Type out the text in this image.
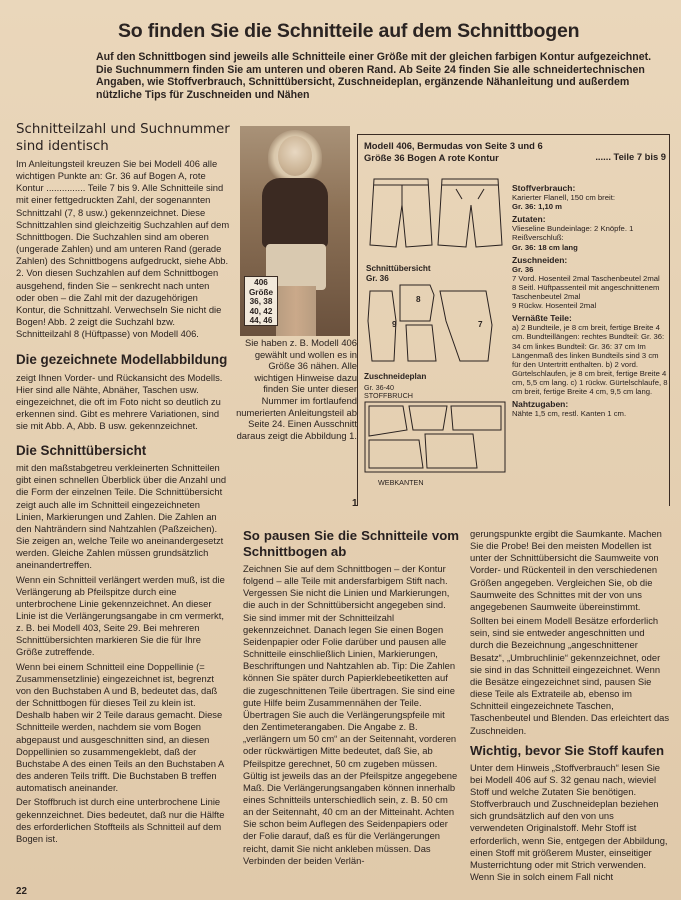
So finden Sie die Schnitteile auf dem Schnittbogen
Auf den Schnittbogen sind jeweils alle Schnitteile einer Größe mit der gleichen farbigen Kontur aufgezeichnet. Die Suchnummern finden Sie am unteren und oberen Rand. Ab Seite 24 finden Sie alle schneidertechnischen Angaben, wie Stoffverbrauch, Schnittübersicht, Zuschneideplan, ergänzende Nähanleitung und außerdem nützliche Tips für Zuschneiden und Nähen
Schnitteilzahl und Suchnummer sind identisch

Im Anleitungsteil kreuzen Sie bei Modell 406 alle wichtigen Punkte an: Gr. 36 auf Bogen A, rote Kontur ............... Teile 7 bis 9. Alle Schnitteile sind mit einer fettgedruckten Zahl, der sogenannten Schnittzahl (7, 8 usw.) gekennzeichnet. Diese Schnittzahlen sind gleichzeitig Suchzahlen auf dem Schnittbogen. Die Suchzahlen sind am oberen (ungerade Zahlen) und am unteren Rand (gerade Zahlen) des Schnittbogens aufgedruckt, siehe Abb. 2. Von diesen Suchzahlen auf dem Schnittbogen ausgehend, finden Sie – senkrecht nach unten oder oben – die Zahl mit der dazugehörigen Kontur, die Schnittzahl. Verwechseln Sie nicht die Bogen! Abb. 2 zeigt die Suchzahl bzw. Schnitteilzahl 8 (Hüftpasse) von Modell 406.

Die gezeichnete Modellabbildung

zeigt Ihnen Vorder- und Rückansicht des Modells. Hier sind alle Nähte, Abnäher, Taschen usw. eingezeichnet, die oft im Foto nicht so deutlich zu erkennen sind. Gibt es mehrere Variationen, sind sie mit Abb. A, Abb. B usw. gekennzeichnet.

Die Schnittübersicht

mit den maßstabgetreu verkleinerten Schnitteilen gibt einen schnellen Überblick über die Anzahl und die Form der einzelnen Teile. Die Schnittübersicht zeigt auch alle im Schnitteil eingezeichneten Linien, Markierungen und Zahlen. Die Zahlen an den Nahträndern sind Nahtzahlen (Paßzeichen). Sie zeigen an, welche Teile wo aneinandergesetzt werden. Gleiche Zahlen müssen grundsätzlich aneinandertreffen.

Wenn ein Schnitteil verlängert werden muß, ist die Verlängerung ab Pfeilspitze durch eine unterbrochene Linie gekennzeichnet. An dieser Linie ist die Verlängerungsangabe in cm vermerkt, z. B. bei Modell 403, Seite 29. Bei mehreren Schnittübersichten markieren Sie die für Ihre Größe zutreffende.

Wenn bei einem Schnitteil eine Doppellinie (= Zusammensetzlinie) eingezeichnet ist, begrenzt von den Buchstaben A und B, bedeutet das, daß der Schnittbogen für dieses Teil zu klein ist. Deshalb haben wir 2 Teile daraus gemacht. Diese Schnitteile werden, nachdem sie vom Bogen abgepaust und ausgeschnitten sind, an diesen Doppellinien so zusammengeklebt, daß der Buchstabe A des einen Teils an den Buchstaben A des anderen Teils trifft. Die Buchstaben B treffen automatisch aneinander.

Der Stoffbruch ist durch eine unterbrochene Linie gekennzeichnet. Dies bedeutet, daß nur die Hälfte des erforderlichen Stoffteils als Schnitteil auf dem Bogen ist.

406 Größe 36, 38 40, 42 44, 46
Sie haben z. B. Modell 406 gewählt und wollen es in Größe 36 nähen. Alle wichtigen Hinweise dazu finden Sie unter dieser Nummer im fortlaufend numerierten Anleitungsteil ab Seite 24. Einen Ausschnitt daraus zeigt die Abbildung 1.
1
Modell 406, Bermudas von Seite 3 und 6
Größe 36 Bogen A rote Kontur	...... Teile 7 bis 9
Schnittübersicht
Gr. 36
9
8
7
Zuschneideplan
Gr. 36-40
STOFFBRUCH
WEBKANTEN
Stoffverbrauch:
Karierter Flanell, 150 cm breit:
Gr. 36: 1,10 m
Zutaten:
Vlieseline Bundeinlage: 2 Knöpfe. 1 Reißverschluß:
Gr. 36: 18 cm lang
Zuschneiden:
Gr. 36
7 Vord. Hosenteil 2mal Taschenbeutel 2mal
8 Seitl. Hüftpassenteil mit angeschnittenem Taschenbeutel 2mal
9 Rückw. Hosenteil 2mal
Vernäßte Teile:
a) 2 Bundteile, je 8 cm breit, fertige Breite 4 cm. Bundteillängen: rechtes Bundteil: Gr. 36: 34 cm linkes Bundteil: Gr. 36: 37 cm Im Längenmaß des linken Bundteils sind 3 cm für den Untertritt enthalten. b) 2 vord. Gürtelschlaufen, je 8 cm breit, fertige Breite 4 cm, 5,5 cm lang. c) 1 rückw. Gürtelschlaufe, 8 cm breit, fertige Breite 4 cm, 9,5 cm lang.
Nahtzugaben:
Nähte 1,5 cm, restl. Kanten 1 cm.
So pausen Sie die Schnitteile vom Schnittbogen ab

Zeichnen Sie auf dem Schnittbogen – der Kontur folgend – alle Teile mit andersfarbigem Stift nach. Vergessen Sie nicht die Linien und Markierungen, die auch in der Schnittübersicht angegeben sind. Sie sind immer mit der Schnitteilzahl gekennzeichnet. Danach legen Sie einen Bogen Seidenpapier oder Folie darüber und pausen alle Schnitteile einschließlich Linien, Markierungen, Beschriftungen und Nahtzahlen ab. Tip: Die Zahlen können Sie später durch Papierklebeetiketten auf die zugeschnittenen Teile übertragen. Sie sind eine gute Hilfe beim Zusammennähen der Teile. Übertragen Sie auch die Verlängerungspfeile mit den Zentimeterangaben. Die Angabe z. B. „verlängern um 50 cm“ an der Seitennaht, vorderen oder rückwärtigen Mitte bedeutet, daß Sie, ab Pfeilspitze gerechnet, 50 cm zugeben müssen. Gültig ist jeweils das an der Pfeilspitze angegebene Maß. Die Verlängerungsangaben können innerhalb eines Schnitteils unterschiedlich sein, z. B. 50 cm an der Seitennaht, 40 cm an der Mitteinaht. Achten Sie schon beim Auflegen des Seidenpapiers oder der Folie darauf, daß es für die Verlängerungen reicht, damit Sie nicht ankleben müssen. Das Verbinden der beiden Verlän-

gerungspunkte ergibt die Saumkante. Machen Sie die Probe! Bei den meisten Modellen ist unter der Schnittübersicht die Saumweite von Vorder- und Rückenteil in den verschiedenen Größen angegeben. Vergleichen Sie, ob die Saumweite des Schnittes mit der von uns angegebenen Saumweite übereinstimmt.

Sollten bei einem Modell Besätze erforderlich sein, sind sie entweder angeschnitten und durch die Bezeichnung „angeschnittener Besatz“, „Umbruchlinie“ gekennzeichnet, oder sie sind in das Schnitteil eingezeichnet. Wenn die Besätze eingezeichnet sind, pausen Sie diese Teile als Extrateile ab, ebenso im Schnitteil eingezeichnete Taschen, Taschenbeutel und Blenden. Das erleichtert das Zuschneiden.

Wichtig, bevor Sie Stoff kaufen

Unter dem Hinweis „Stoffverbrauch“ lesen Sie bei Modell 406 auf S. 32 genau nach, wieviel Stoff und welche Zutaten Sie benötigen. Stoffverbrauch und Zuschneideplan beziehen sich grundsätzlich auf den von uns verwendeten Originalstoff. Mehr Stoff ist erforderlich, wenn Sie, entgegen der Abbildung, einen Stoff mit größerem Muster, einseitiger Musterrichtung oder mit Strich verwenden. Wenn Sie in solch einem Fall nicht

22
